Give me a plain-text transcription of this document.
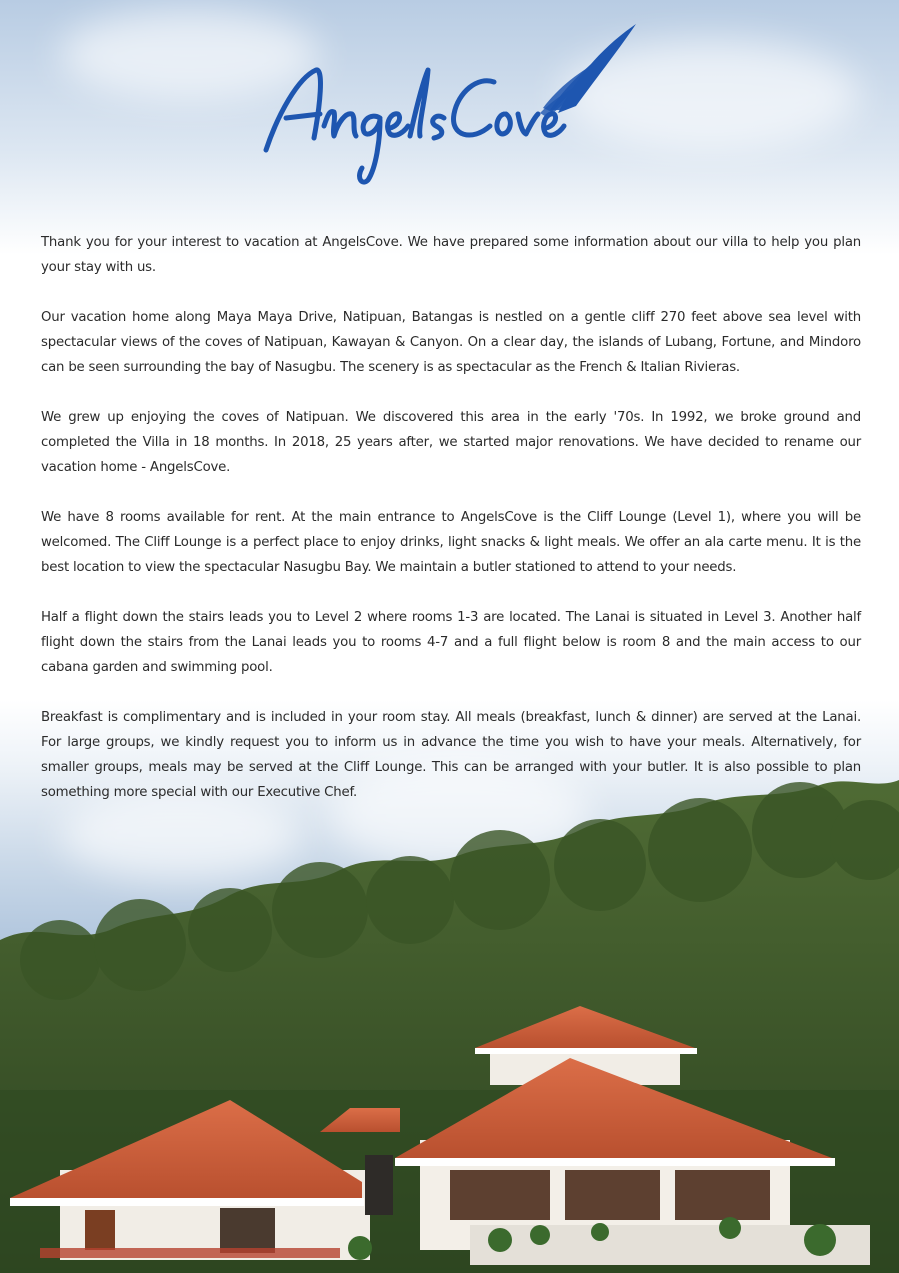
Thank you for your interest to vacation at AngelsCove. We have prepared some information about our villa to help you plan your stay with us.

Our vacation home along Maya Maya Drive, Natipuan, Batangas is nestled on a gentle cliff 270 feet above sea level with spectacular views of the coves of Natipuan, Kawayan & Canyon. On a clear day, the islands of Lubang, Fortune, and Mindoro can be seen surrounding the bay of Nasugbu. The scenery is as spectacular as the French & Italian Rivieras.

We grew up enjoying the coves of Natipuan. We discovered this area in the early '70s. In 1992, we broke ground and completed the Villa in 18 months. In 2018, 25 years after, we started major renovations. We have decided to rename our vacation home - AngelsCove.

We have 8 rooms available for rent. At the main entrance to AngelsCove is the Cliff Lounge (Level 1), where you will be welcomed. The Cliff Lounge is a perfect place to enjoy drinks, light snacks & light meals. We offer an ala carte menu. It is the best location to view the spectacular Nasugbu Bay. We maintain a butler stationed to attend to your needs.

Half a flight down the stairs leads you to Level 2 where rooms 1-3 are located. The Lanai is situated in Level 3. Another half flight down the stairs from the Lanai leads you to rooms 4-7 and a full flight below is room 8 and the main access to our cabana garden and swimming pool.

Breakfast is complimentary and is included in your room stay. All meals (breakfast, lunch & dinner) are served at the Lanai. For large groups, we kindly request you to inform us in advance the time you wish to have your meals. Alternatively, for smaller groups, meals may be served at the Cliff Lounge. This can be arranged with your butler. It is also possible to plan something more special with our Executive Chef.
